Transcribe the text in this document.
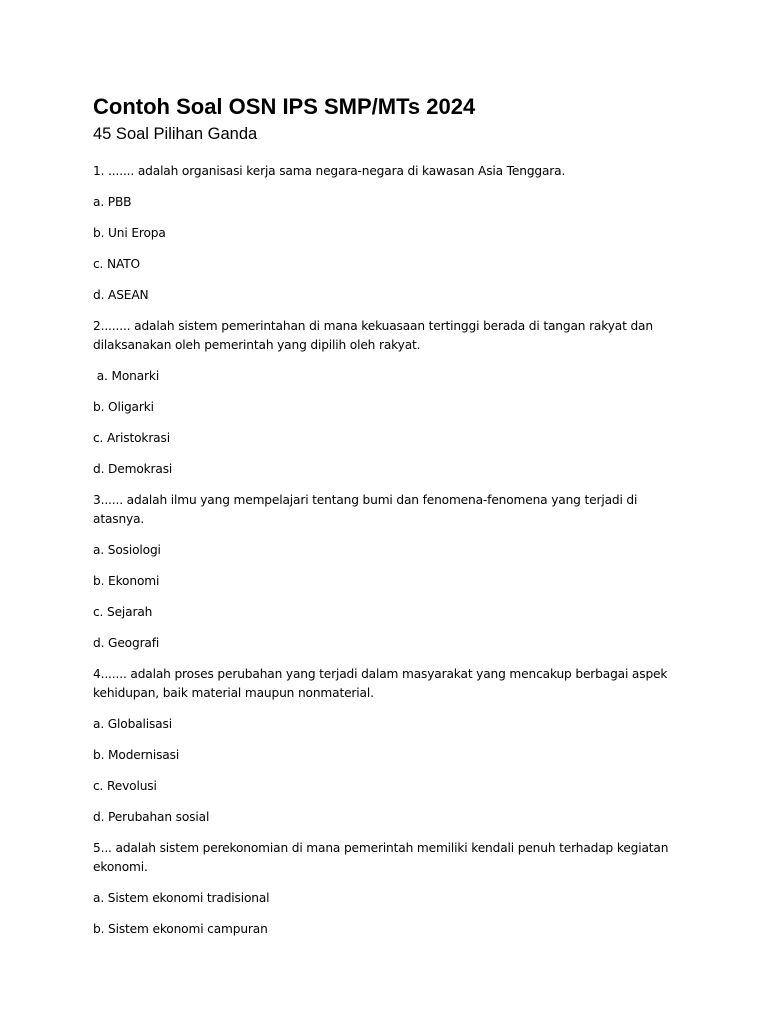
Contoh Soal OSN IPS SMP/MTs 2024
45 Soal Pilihan Ganda

1. ....... adalah organisasi kerja sama negara-negara di kawasan Asia Tenggara.

a. PBB

b. Uni Eropa

c. NATO

d. ASEAN

2........ adalah sistem pemerintahan di mana kekuasaan tertinggi berada di tangan rakyat dan dilaksanakan oleh pemerintah yang dipilih oleh rakyat.

a. Monarki

b. Oligarki

c. Aristokrasi

d. Demokrasi

3...... adalah ilmu yang mempelajari tentang bumi dan fenomena-fenomena yang terjadi di atasnya.

a. Sosiologi

b. Ekonomi

c. Sejarah

d. Geografi

4....... adalah proses perubahan yang terjadi dalam masyarakat yang mencakup berbagai aspek kehidupan, baik material maupun nonmaterial.

a. Globalisasi

b. Modernisasi

c. Revolusi

d. Perubahan sosial

5... adalah sistem perekonomian di mana pemerintah memiliki kendali penuh terhadap kegiatan ekonomi.

a. Sistem ekonomi tradisional

b. Sistem ekonomi campuran
